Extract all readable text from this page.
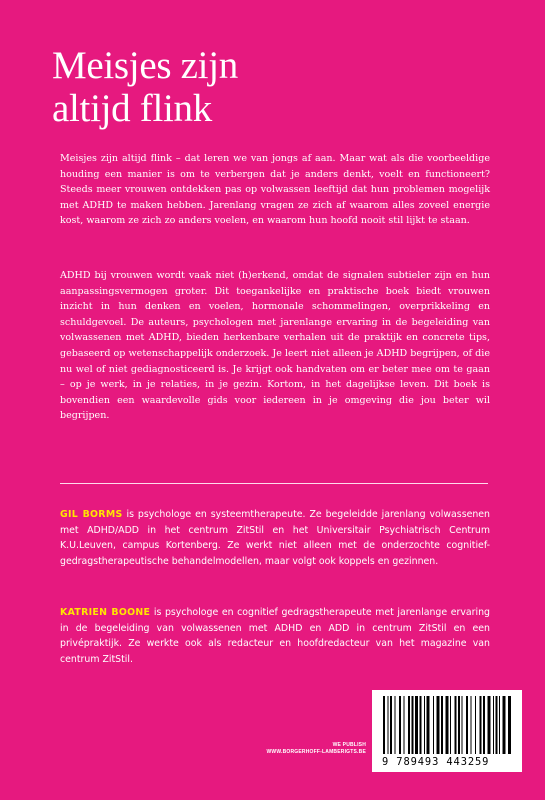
Meisjes zijn
altijd flink

Meisjes zijn altijd flink – dat leren we van jongs af aan. Maar wat als die voorbeeldige houding een manier is om te verbergen dat je anders denkt, voelt en functioneert? Steeds meer vrouwen ontdekken pas op volwassen leeftijd dat hun problemen mogelijk met ADHD te maken hebben. Jarenlang vragen ze zich af waarom alles zoveel energie kost, waarom ze zich zo anders voelen, en waarom hun hoofd nooit stil lijkt te staan.

ADHD bij vrouwen wordt vaak niet (h)erkend, omdat de signalen subtieler zijn en hun aanpassingsvermogen groter. Dit toegankelijke en praktische boek biedt vrouwen inzicht in hun denken en voelen, hormonale schommelingen, overprikkeling en schuldgevoel. De auteurs, psychologen met jarenlange ervaring in de begeleiding van volwassenen met ADHD, bieden herkenbare verhalen uit de praktijk en concrete tips, gebaseerd op wetenschappelijk onderzoek. Je leert niet alleen je ADHD begrijpen, of die nu wel of niet gediagnosticeerd is. Je krijgt ook handvaten om er beter mee om te gaan – op je werk, in je relaties, in je gezin. Kortom, in het dagelijkse leven. Dit boek is bovendien een waardevolle gids voor iedereen in je omgeving die jou beter wil begrijpen.

GIL BORMS is psychologe en systeemtherapeute. Ze begeleidde jarenlang volwassenen met ADHD/ADD in het centrum ZitStil en het Universitair Psychiatrisch Centrum K.U.Leuven, campus Kortenberg. Ze werkt niet alleen met de onderzochte cognitief-gedragstherapeutische behandelmodellen, maar volgt ook koppels en gezinnen.

KATRIEN BOONE is psychologe en cognitief gedragstherapeute met jarenlange ervaring in de begeleiding van volwassenen met ADHD en ADD in centrum ZitStil en een privépraktijk. Ze werkte ook als redacteur en hoofdredacteur van het magazine van centrum ZitStil.

WE PUBLISH
WWW.BORGERHOFF-LAMBERIGTS.BE
9 789493 443259
